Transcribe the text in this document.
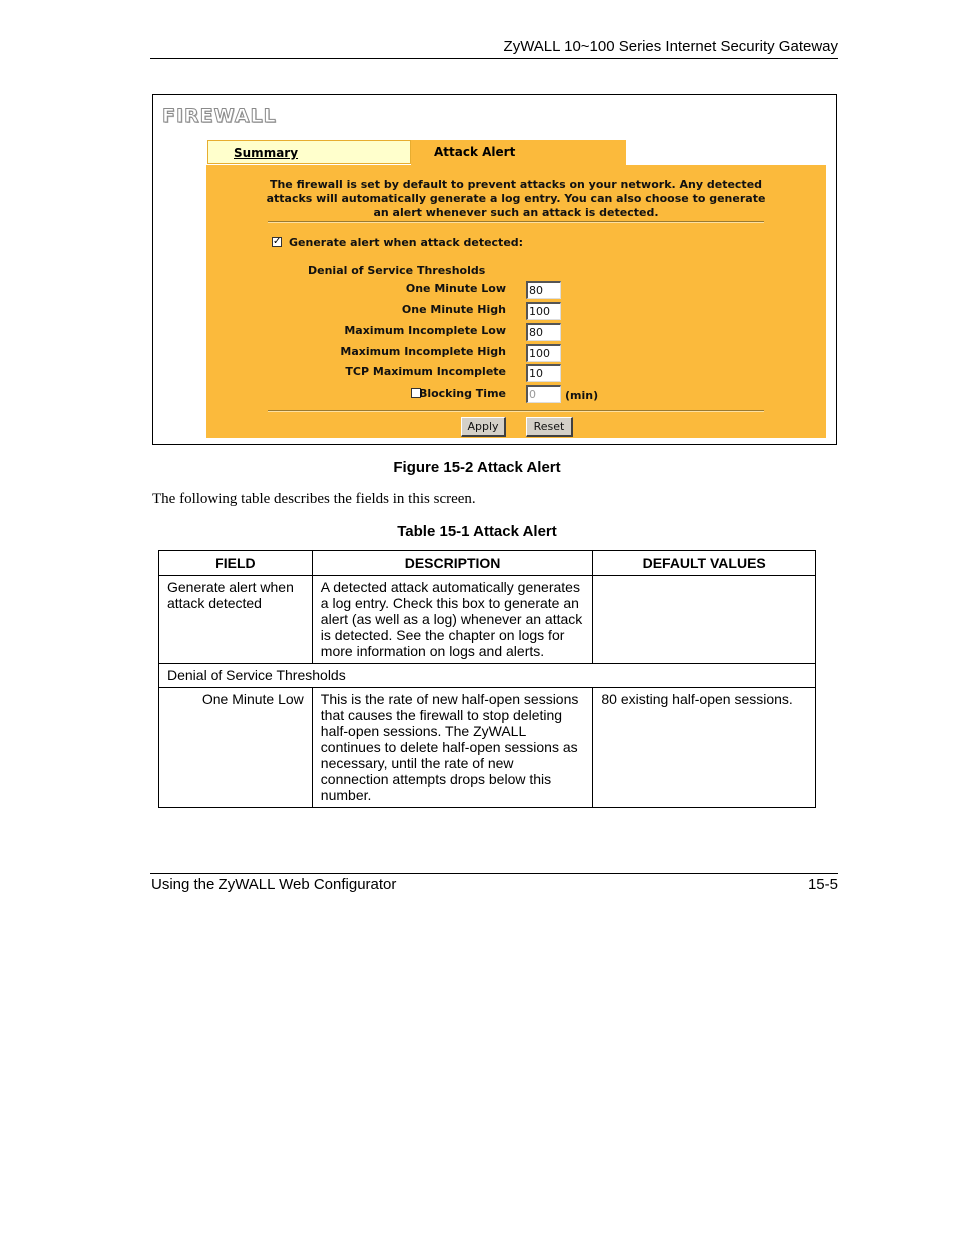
ZyWALL 10~100 Series Internet Security Gateway
FIREWALL
Summary	Attack Alert
The firewall is set by default to prevent attacks on your network. Any detected attacks will automatically generate a log entry. You can also choose to generate an alert whenever such an attack is detected.
✓ Generate alert when attack detected:
Denial of Service Thresholds
One Minute Low 80
One Minute High 100
Maximum Incomplete Low 80
Maximum Incomplete High 100
TCP Maximum Incomplete 10
Blocking Time 0	(min)
Apply	Reset
Figure 15-2 Attack Alert
The following table describes the fields in this screen.
Table 15-1 Attack Alert
FIELD	DESCRIPTION	DEFAULT VALUES
Generate alert when attack detected	A detected attack automatically generates a log entry. Check this box to generate an alert (as well as a log) whenever an attack is detected. See the chapter on logs for more information on logs and alerts.	
Denial of Service Thresholds		
One Minute Low	This is the rate of new half-open sessions that causes the firewall to stop deleting half-open sessions. The ZyWALL continues to delete half-open sessions as necessary, until the rate of new connection attempts drops below this number.	80 existing half-open sessions.
Using the ZyWALL Web Configurator	15-5
